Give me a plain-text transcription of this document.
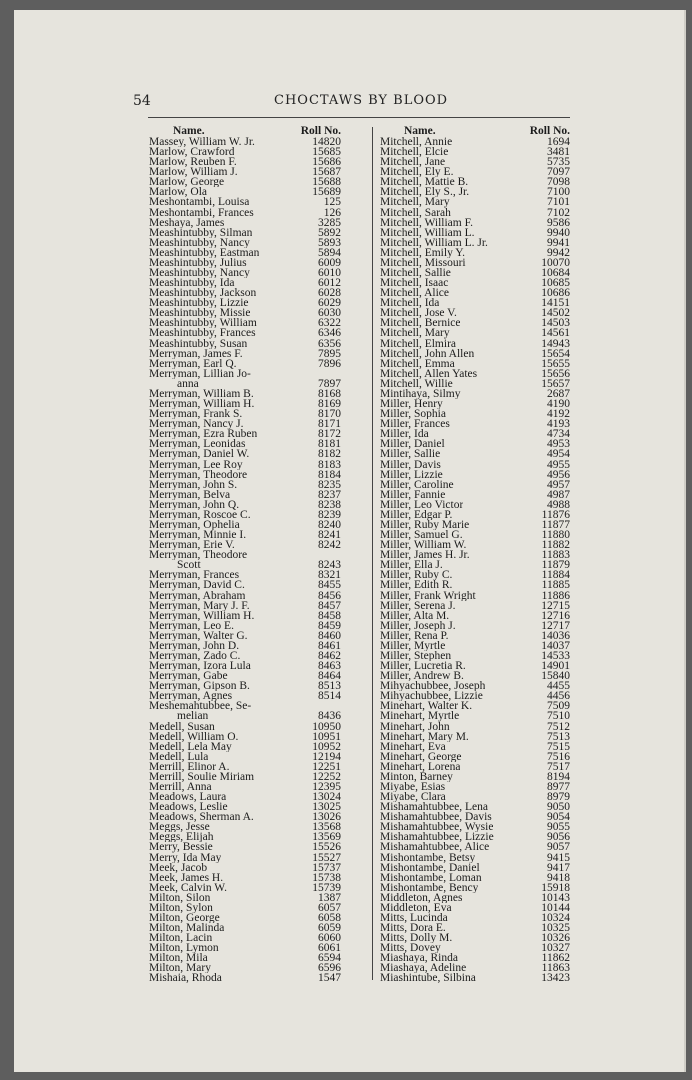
54	CHOCTAWS BY BLOOD
Name.	Roll No.
Massey, William W. Jr.	14820
Marlow, Crawford	15685
Marlow, Reuben F.	15686
Marlow, William J.	15687
Marlow, George	15688
Marlow, Ola	15689
Meshontambi, Louisa	125
Meshontambi, Frances	126
Meshaya, James	3285
Meashintubby, Silman	5892
Meashintubby, Nancy	5893
Meashintubby, Eastman	5894
Meashintubby, Julius	6009
Meashintubby, Nancy	6010
Meashintubby, Ida	6012
Meashintubby, Jackson	6028
Meashintubby, Lizzie	6029
Meashintubby, Missie	6030
Meashintubby, William	6322
Meashintubby, Frances	6346
Meashintubby, Susan	6356
Merryman, James F.	7895
Merryman, Earl Q.	7896
Merryman, Lillian Jo-
anna	7897
Merryman, William B.	8168
Merryman, William H.	8169
Merryman, Frank S.	8170
Merryman, Nancy J.	8171
Merryman, Ezra Ruben	8172
Merryman, Leonidas	8181
Merryman, Daniel W.	8182
Merryman, Lee Roy	8183
Merryman, Theodore	8184
Merryman, John S.	8235
Merryman, Belva	8237
Merryman, John Q.	8238
Merryman, Roscoe C.	8239
Merryman, Ophelia	8240
Merryman, Minnie I.	8241
Merryman, Erie V.	8242
Merryman, Theodore
Scott	8243
Merryman, Frances	8321
Merryman, David C.	8455
Merryman, Abraham	8456
Merryman, Mary J. F.	8457
Merryman, William H.	8458
Merryman, Leo E.	8459
Merryman, Walter G.	8460
Merryman, John D.	8461
Merryman, Zado C.	8462
Merryman, Izora Lula	8463
Merryman, Gabe	8464
Merryman, Gipson B.	8513
Merryman, Agnes	8514
Meshemahtubbee, Se-
melian	8436
Medell, Susan	10950
Medell, William O.	10951
Medell, Lela May	10952
Medell, Lula	12194
Merrill, Elinor A.	12251
Merrill, Soulie Miriam	12252
Merrill, Anna	12395
Meadows, Laura	13024
Meadows, Leslie	13025
Meadows, Sherman A.	13026
Meggs, Jesse	13568
Meggs, Elijah	13569
Merry, Bessie	15526
Merry, Ida May	15527
Meek, Jacob	15737
Meek, James H.	15738
Meek, Calvin W.	15739
Milton, Silon	1387
Milton, Sylon	6057
Milton, George	6058
Milton, Malinda	6059
Milton, Lacin	6060
Milton, Lymon	6061
Milton, Mila	6594
Milton, Mary	6596
Mishaia, Rhoda	1547
Name.	Roll No.
Mitchell, Annie	1694
Mitchell, Elcie	3481
Mitchell, Jane	5735
Mitchell, Ely E.	7097
Mitchell, Mattie B.	7098
Mitchell, Ely S., Jr.	7100
Mitchell, Mary	7101
Mitchell, Sarah	7102
Mitchell, William F.	9586
Mitchell, William L.	9940
Mitchell, William L. Jr.	9941
Mitchell, Emily Y.	9942
Mitchell, Missouri	10070
Mitchell, Sallie	10684
Mitchell, Isaac	10685
Mitchell, Alice	10686
Mitchell, Ida	14151
Mitchell, Jose V.	14502
Mitchell, Bernice	14503
Mitchell, Mary	14561
Mitchell, Elmira	14943
Mitchell, John Allen	15654
Mitchell, Emma	15655
Mitchell, Allen Yates	15656
Mitchell, Willie	15657
Mintihaya, Silmy	2687
Miller, Henry	4190
Miller, Sophia	4192
Miller, Frances	4193
Miller, Ida	4734
Miller, Daniel	4953
Miller, Sallie	4954
Miller, Davis	4955
Miller, Lizzie	4956
Miller, Caroline	4957
Miller, Fannie	4987
Miller, Leo Victor	4988
Miller, Edgar P.	11876
Miller, Ruby Marie	11877
Miller, Samuel G.	11880
Miller, William W.	11882
Miller, James H. Jr.	11883
Miller, Ella J.	11879
Miller, Ruby C.	11884
Miller, Edith R.	11885
Miller, Frank Wright	11886
Miller, Serena J.	12715
Miller, Alta M.	12716
Miller, Joseph J.	12717
Miller, Rena P.	14036
Miller, Myrtle	14037
Miller, Stephen	14533
Miller, Lucretia R.	14901
Miller, Andrew B.	15840
Mihyachubbee, Joseph	4455
Mihyachubbee, Lizzie	4456
Minehart, Walter K.	7509
Minehart, Myrtle	7510
Minehart, John	7512
Minehart, Mary M.	7513
Minehart, Eva	7515
Minehart, George	7516
Minehart, Lorena	7517
Minton, Barney	8194
Miyabe, Esias	8977
Miyabe, Clara	8979
Mishamahtubbee, Lena	9050
Mishamahtubbee, Davis	9054
Mishamahtubbee, Wysie	9055
Mishamahtubbee, Lizzie	9056
Mishamahtubbee, Alice	9057
Mishontambe, Betsy	9415
Mishontambe, Daniel	9417
Mishontambe, Loman	9418
Mishontambe, Bency	15918
Middleton, Agnes	10143
Middleton, Eva	10144
Mitts, Lucinda	10324
Mitts, Dora E.	10325
Mitts, Dolly M.	10326
Mitts, Dovey	10327
Miashaya, Rinda	11862
Miashaya, Adeline	11863
Miashintube, Silbina	13423
